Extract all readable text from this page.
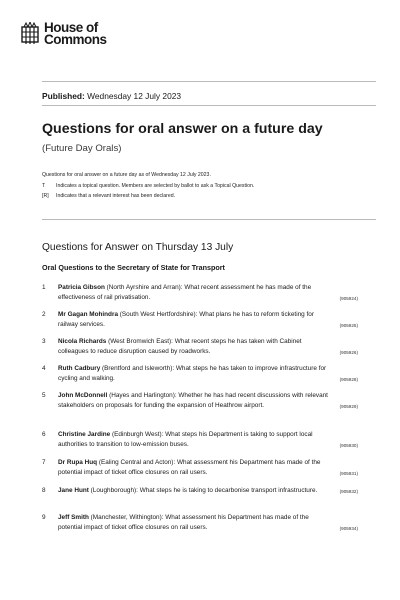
House of
Commons
Published: Wednesday 12 July 2023
Questions for oral answer on a future day
(Future Day Orals)
Questions for oral answer on a future day as of Wednesday 12 July 2023.
T	Indicates a topical question. Members are selected by ballot to ask a Topical Question.
[R]	Indicates that a relevant interest has been declared.
Questions for Answer on Thursday 13 July
Oral Questions to the Secretary of State for Transport
1 Patricia Gibson (North Ayrshire and Arran): What recent assessment he has made of the effectiveness of rail privatisation.	(905924)
2 Mr Gagan Mohindra (South West Hertfordshire): What plans he has to reform ticketing for railway services.	(905925)
3 Nicola Richards (West Bromwich East): What recent steps he has taken with Cabinet colleagues to reduce disruption caused by roadworks.	(905926)
4 Ruth Cadbury (Brentford and Isleworth): What steps he has taken to improve infrastructure for cycling and walking.	(905928)
5 John McDonnell (Hayes and Harlington): Whether he has had recent discussions with relevant stakeholders on proposals for funding the expansion of Heathrow airport.	(905929)
6 Christine Jardine (Edinburgh West): What steps his Department is taking to support local authorities to transition to low-emission buses.	(905930)
7 Dr Rupa Huq (Ealing Central and Acton): What assessment his Department has made of the potential impact of ticket office closures on rail users.	(905931)
8 Jane Hunt (Loughborough): What steps he is taking to decarbonise transport infrastructure.	(905932)
9 Jeff Smith (Manchester, Withington): What assessment his Department has made of the potential impact of ticket office closures on rail users.	(905934)
